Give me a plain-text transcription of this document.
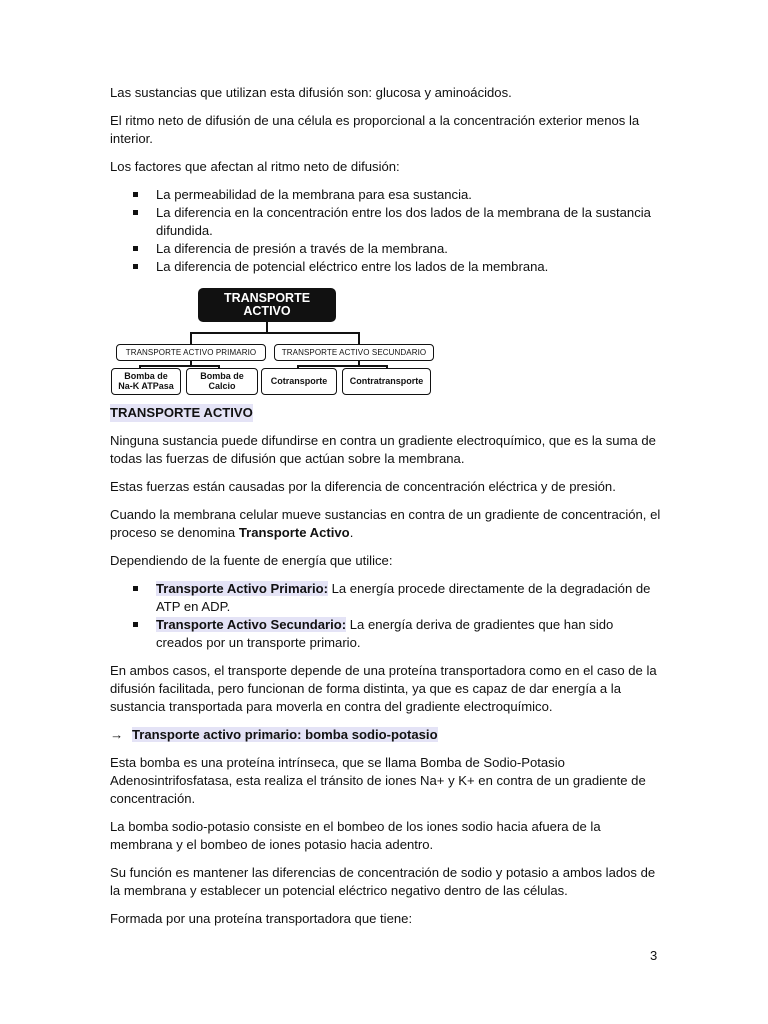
Las sustancias que utilizan esta difusión son: glucosa y aminoácidos.

El ritmo neto de difusión de una célula es proporcional a la concentración exterior menos la interior.

Los factores que afectan al ritmo neto de difusión:

La permeabilidad de la membrana para esa sustancia.
La diferencia en la concentración entre los dos lados de la membrana de la sustancia difundida.
La diferencia de presión a través de la membrana.
La diferencia de potencial eléctrico entre los lados de la membrana.
TRANSPORTE
ACTIVO
TRANSPORTE ACTIVO PRIMARIO	TRANSPORTE ACTIVO SECUNDARIO
Bomba de
Na-K ATPasa
Bomba de
Calcio	Cotransporte	Contratransporte

TRANSPORTE ACTIVO

Ninguna sustancia puede difundirse en contra un gradiente electroquímico, que es la suma de todas las fuerzas de difusión que actúan sobre la membrana.

Estas fuerzas están causadas por la diferencia de concentración eléctrica y de presión.

Cuando la membrana celular mueve sustancias en contra de un gradiente de concentración, el proceso se denomina Transporte Activo.

Dependiendo de la fuente de energía que utilice:

Transporte Activo Primario: La energía procede directamente de la degradación de ATP en ADP.
Transporte Activo Secundario: La energía deriva de gradientes que han sido creados por un transporte primario.

En ambos casos, el transporte depende de una proteína transportadora como en el caso de la difusión facilitada, pero funcionan de forma distinta, ya que es capaz de dar energía a la sustancia transportada para moverla en contra del gradiente electroquímico.

→ Transporte activo primario: bomba sodio-potasio

Esta bomba es una proteína intrínseca, que se llama Bomba de Sodio-Potasio Adenosintrifosfatasa, esta realiza el tránsito de iones Na+ y K+ en contra de un gradiente de concentración.

La bomba sodio-potasio consiste en el bombeo de los iones sodio hacia afuera de la membrana y el bombeo de iones potasio hacia adentro.

Su función es mantener las diferencias de concentración de sodio y potasio a ambos lados de la membrana y establecer un potencial eléctrico negativo dentro de las células.

Formada por una proteína transportadora que tiene:

3
